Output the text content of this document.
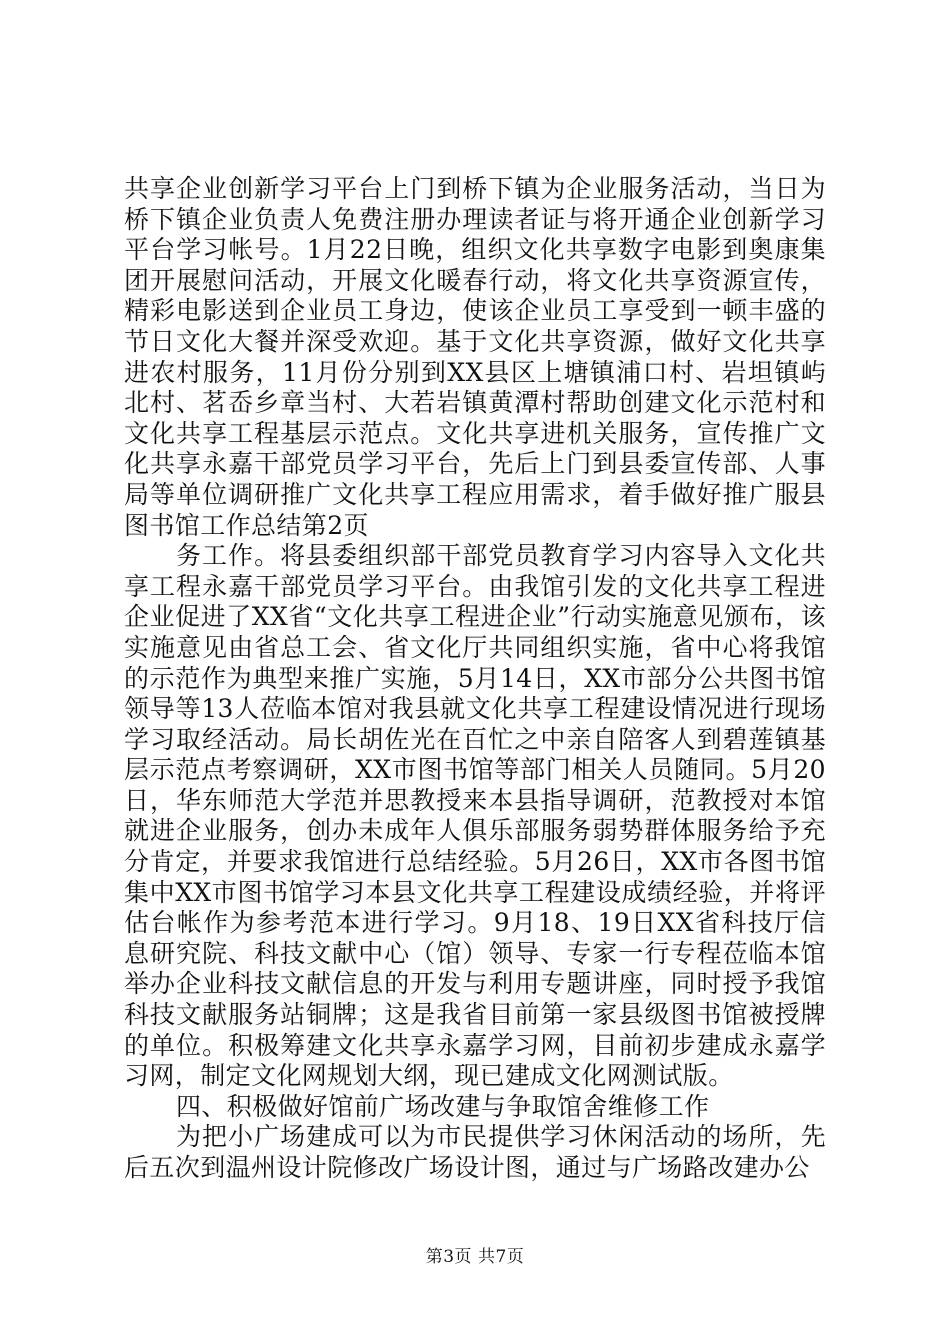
共享企业创新学习平台上门到桥下镇为企业服务活动，当日为桥下镇企业负责人免费注册办理读者证与将开通企业创新学习平台学习帐号。1月22日晚，组织文化共享数字电影到奥康集团开展慰问活动，开展文化暖春行动，将文化共享资源宣传，精彩电影送到企业员工身边，使该企业员工享受到一顿丰盛的节日文化大餐并深受欢迎。基于文化共享资源，做好文化共享进农村服务，11月份分别到XX县区上塘镇浦口村、岩坦镇屿北村、茗岙乡章当村、大若岩镇黄潭村帮助创建文化示范村和文化共享工程基层示范点。文化共享进机关服务，宣传推广文化共享永嘉干部党员学习平台，先后上门到县委宣传部、人事局等单位调研推广文化共享工程应用需求，着手做好推广服县图书馆工作总结第2页

务工作。将县委组织部干部党员教育学习内容导入文化共享工程永嘉干部党员学习平台。由我馆引发的文化共享工程进企业促进了XX省“文化共享工程进企业”行动实施意见颁布，该实施意见由省总工会、省文化厅共同组织实施，省中心将我馆的示范作为典型来推广实施，5月14日，XX市部分公共图书馆领导等13人莅临本馆对我县就文化共享工程建设情况进行现场学习取经活动。局长胡佐光在百忙之中亲自陪客人到碧莲镇基层示范点考察调研，XX市图书馆等部门相关人员随同。5月20日，华东师范大学范并思教授来本县指导调研，范教授对本馆就进企业服务，创办未成年人俱乐部服务弱势群体服务给予充分肯定，并要求我馆进行总结经验。5月26日，XX市各图书馆集中XX市图书馆学习本县文化共享工程建设成绩经验，并将评估台帐作为参考范本进行学习。9月18、19日XX省科技厅信息研究院、科技文献中心（馆）领导、专家一行专程莅临本馆举办企业科技文献信息的开发与利用专题讲座，同时授予我馆科技文献服务站铜牌；这是我省目前第一家县级图书馆被授牌的单位。积极筹建文化共享永嘉学习网，目前初步建成永嘉学习网，制定文化网规划大纲，现已建成文化网测试版。

四、积极做好馆前广场改建与争取馆舍维修工作

为把小广场建成可以为市民提供学习休闲活动的场所，先后五次到温州设计院修改广场设计图，通过与广场路改建办公

第3页 共7页
